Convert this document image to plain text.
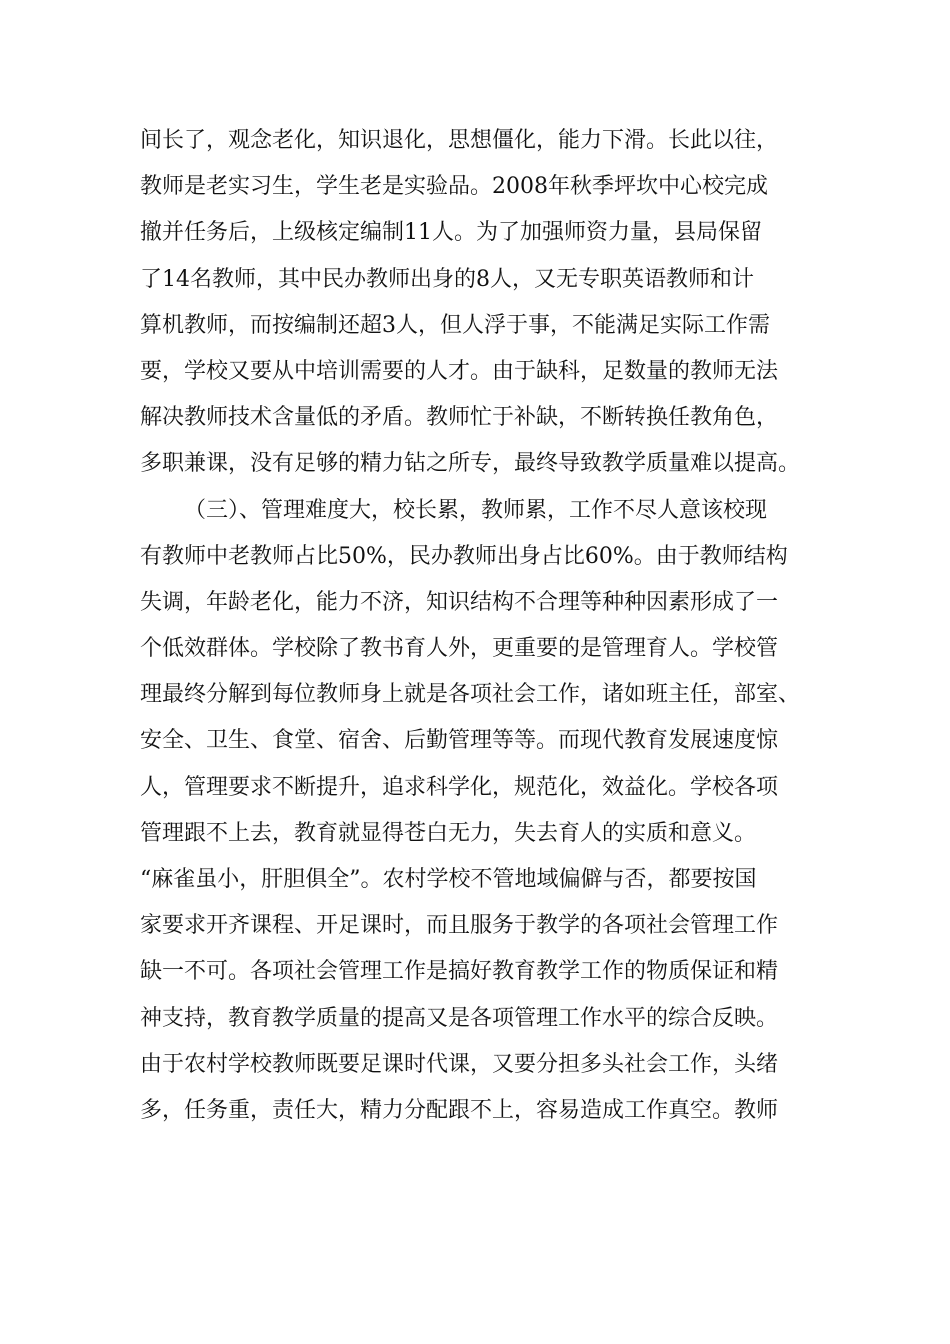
间长了，观念老化，知识退化，思想僵化，能力下滑。长此以往，
教师是老实习生，学生老是实验品。2008年秋季坪坎中心校完成
撤并任务后，上级核定编制11人。为了加强师资力量，县局保留
了14名教师，其中民办教师出身的8人，又无专职英语教师和计
算机教师，而按编制还超3人，但人浮于事，不能满足实际工作需
要，学校又要从中培训需要的人才。由于缺科，足数量的教师无法
解决教师技术含量低的矛盾。教师忙于补缺，不断转换任教角色，
多职兼课，没有足够的精力钻之所专，最终导致教学质量难以提高。
（三）、管理难度大，校长累，教师累，工作不尽人意该校现
有教师中老教师占比50%，民办教师出身占比60%。由于教师结构
失调，年龄老化，能力不济，知识结构不合理等种种因素形成了一
个低效群体。学校除了教书育人外，更重要的是管理育人。学校管
理最终分解到每位教师身上就是各项社会工作，诸如班主任，部室、
安全、卫生、食堂、宿舍、后勤管理等等。而现代教育发展速度惊
人，管理要求不断提升，追求科学化，规范化，效益化。学校各项
管理跟不上去，教育就显得苍白无力，失去育人的实质和意义。
“麻雀虽小，肝胆俱全”。农村学校不管地域偏僻与否，都要按国
家要求开齐课程、开足课时，而且服务于教学的各项社会管理工作
缺一不可。各项社会管理工作是搞好教育教学工作的物质保证和精
神支持，教育教学质量的提高又是各项管理工作水平的综合反映。
由于农村学校教师既要足课时代课，又要分担多头社会工作，头绪
多，任务重，责任大，精力分配跟不上，容易造成工作真空。教师
